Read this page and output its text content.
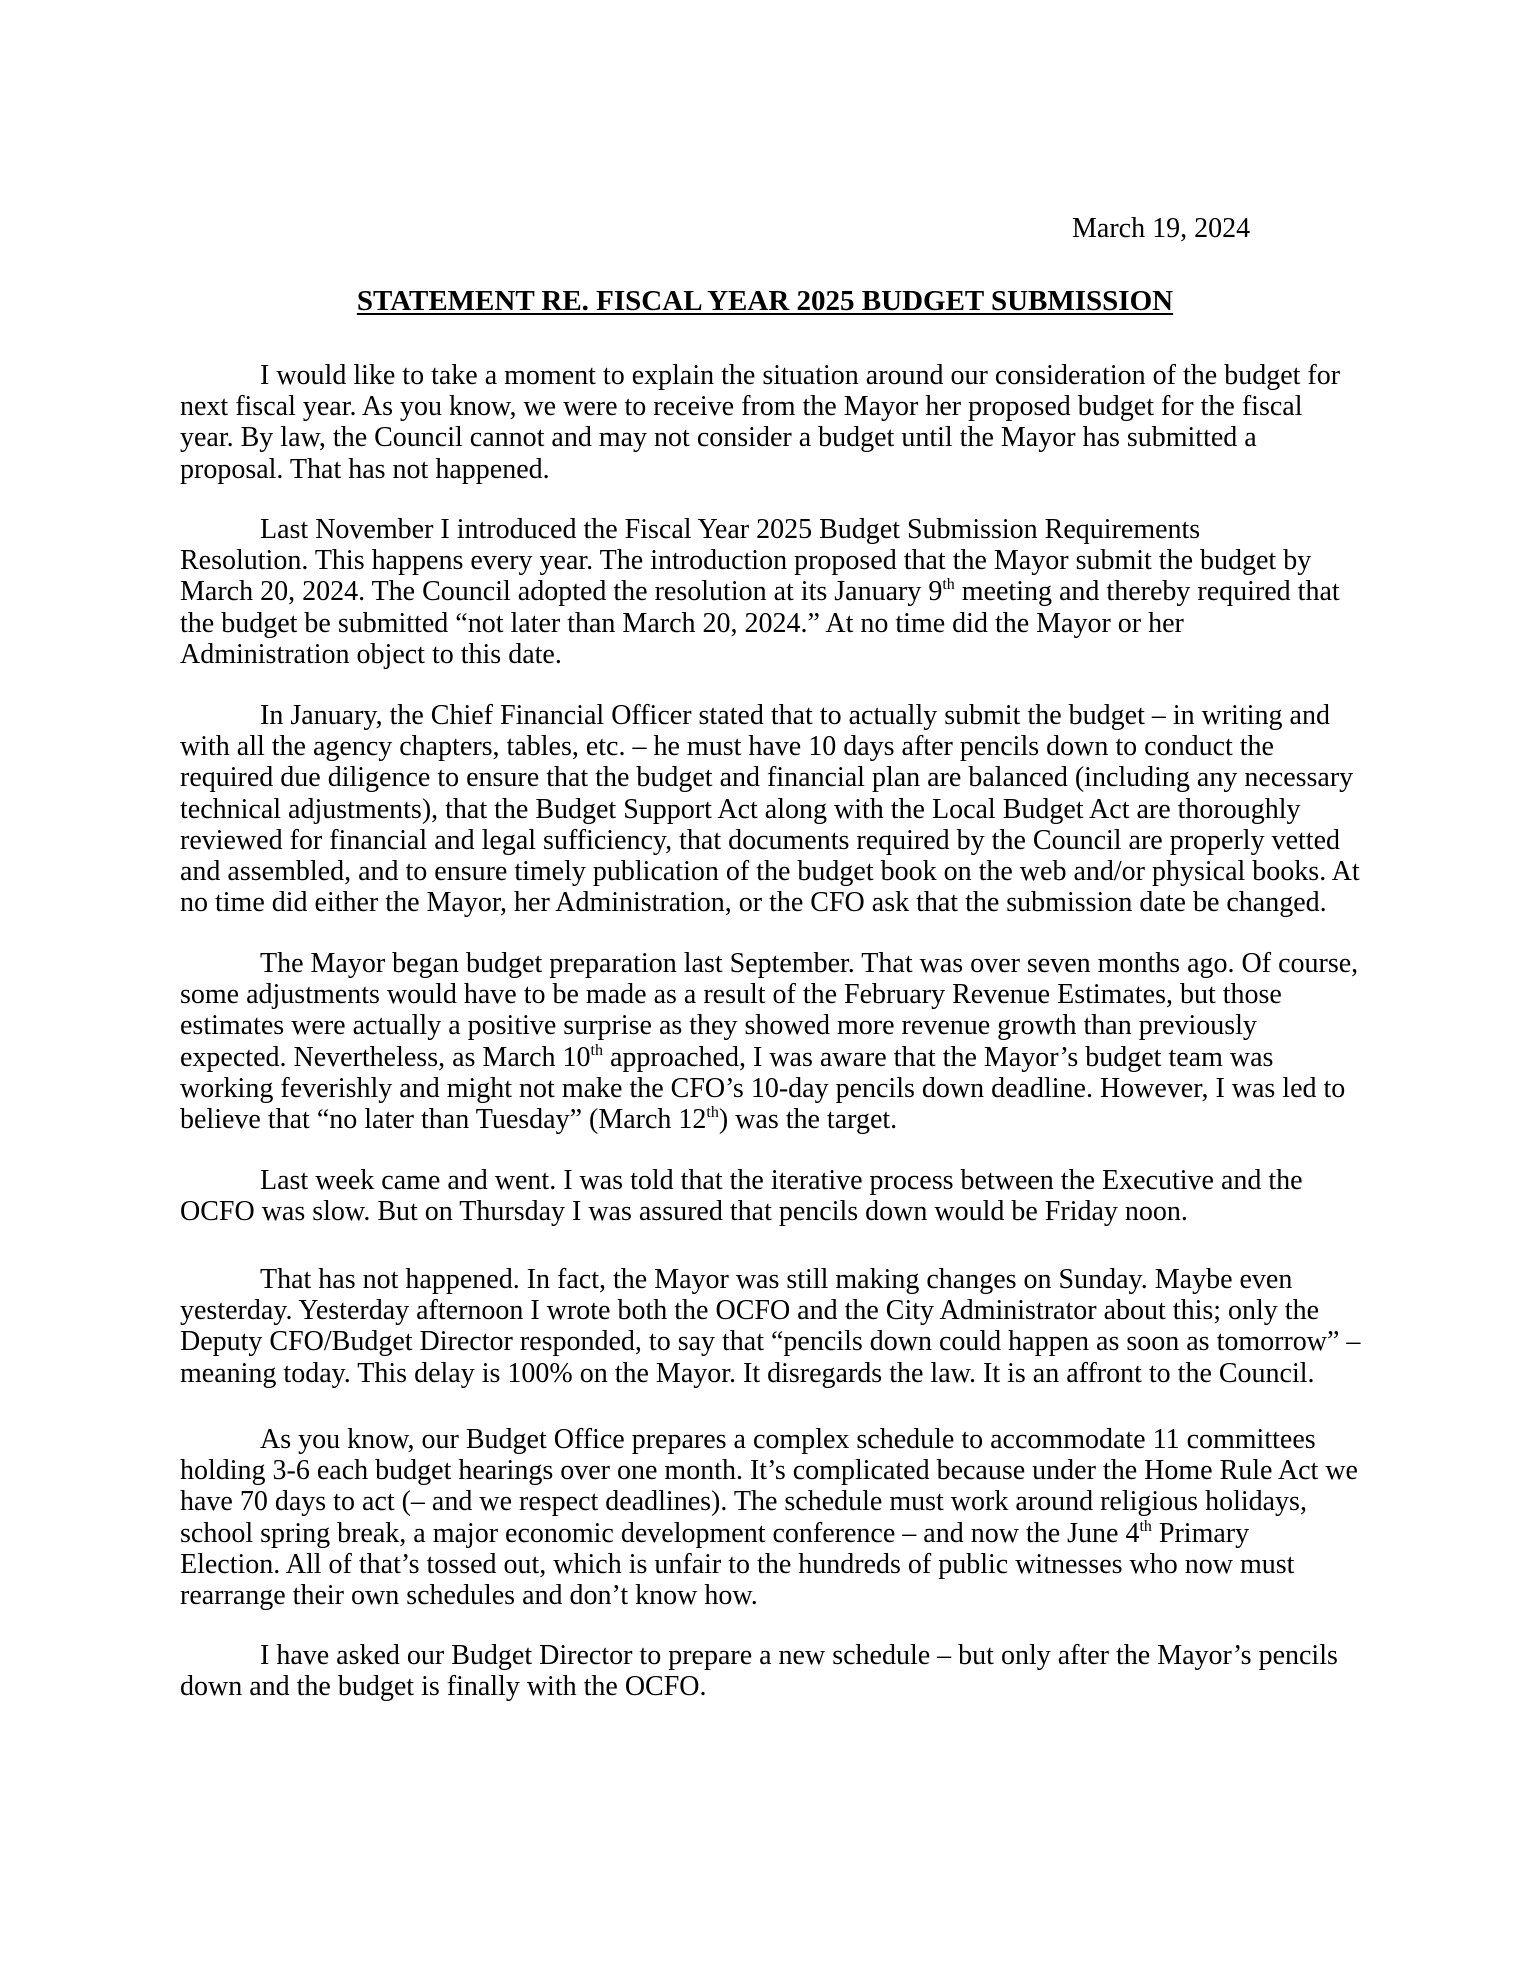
March 19, 2024
STATEMENT RE. FISCAL YEAR 2025 BUDGET SUBMISSION
I would like to take a moment to explain the situation around our consideration of the budget for
next fiscal year. As you know, we were to receive from the Mayor her proposed budget for the fiscal
year. By law, the Council cannot and may not consider a budget until the Mayor has submitted a
proposal. That has not happened.
Last November I introduced the Fiscal Year 2025 Budget Submission Requirements
Resolution. This happens every year. The introduction proposed that the Mayor submit the budget by
March 20, 2024. The Council adopted the resolution at its January 9th meeting and thereby required that
the budget be submitted “not later than March 20, 2024.” At no time did the Mayor or her
Administration object to this date.
In January, the Chief Financial Officer stated that to actually submit the budget – in writing and
with all the agency chapters, tables, etc. – he must have 10 days after pencils down to conduct the
required due diligence to ensure that the budget and financial plan are balanced (including any necessary
technical adjustments), that the Budget Support Act along with the Local Budget Act are thoroughly
reviewed for financial and legal sufficiency, that documents required by the Council are properly vetted
and assembled, and to ensure timely publication of the budget book on the web and/or physical books. At
no time did either the Mayor, her Administration, or the CFO ask that the submission date be changed.
The Mayor began budget preparation last September. That was over seven months ago. Of course,
some adjustments would have to be made as a result of the February Revenue Estimates, but those
estimates were actually a positive surprise as they showed more revenue growth than previously
expected. Nevertheless, as March 10th approached, I was aware that the Mayor’s budget team was
working feverishly and might not make the CFO’s 10-day pencils down deadline. However, I was led to
believe that “no later than Tuesday” (March 12th) was the target.
Last week came and went. I was told that the iterative process between the Executive and the
OCFO was slow. But on Thursday I was assured that pencils down would be Friday noon.
That has not happened. In fact, the Mayor was still making changes on Sunday. Maybe even
yesterday. Yesterday afternoon I wrote both the OCFO and the City Administrator about this; only the
Deputy CFO/Budget Director responded, to say that “pencils down could happen as soon as tomorrow” –
meaning today. This delay is 100% on the Mayor. It disregards the law. It is an affront to the Council.
As you know, our Budget Office prepares a complex schedule to accommodate 11 committees
holding 3-6 each budget hearings over one month. It’s complicated because under the Home Rule Act we
have 70 days to act (– and we respect deadlines). The schedule must work around religious holidays,
school spring break, a major economic development conference – and now the June 4th Primary
Election. All of that’s tossed out, which is unfair to the hundreds of public witnesses who now must
rearrange their own schedules and don’t know how.
I have asked our Budget Director to prepare a new schedule – but only after the Mayor’s pencils
down and the budget is finally with the OCFO.
